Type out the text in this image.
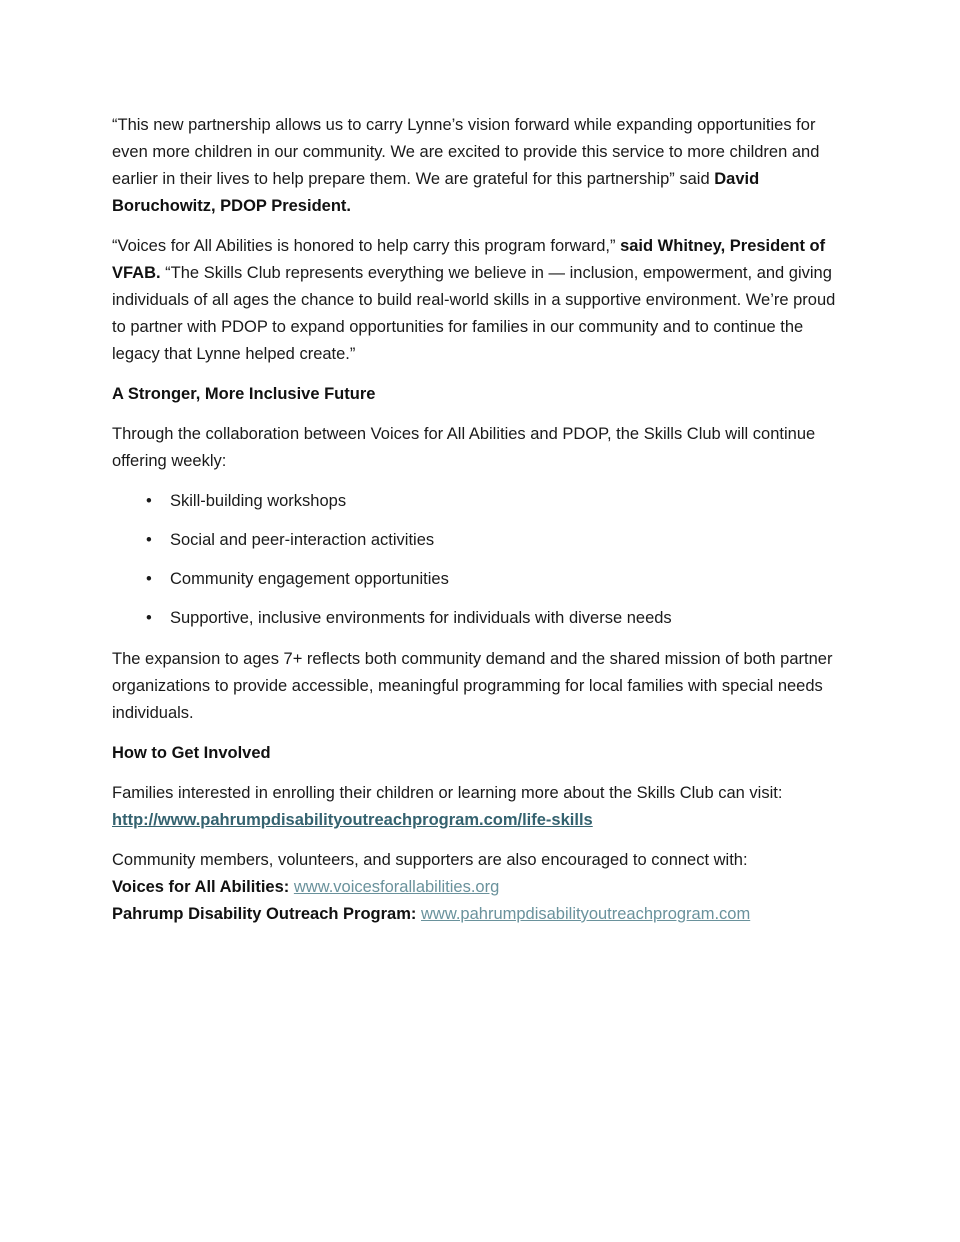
“This new partnership allows us to carry Lynne’s vision forward while expanding opportunities for even more children in our community. We are excited to provide this service to more children and earlier in their lives to help prepare them. We are grateful for this partnership” said David Boruchowitz, PDOP President.

“Voices for All Abilities is honored to help carry this program forward,” said Whitney, President of VFAB. “The Skills Club represents everything we believe in — inclusion, empowerment, and giving individuals of all ages the chance to build real-world skills in a supportive environment. We’re proud to partner with PDOP to expand opportunities for families in our community and to continue the legacy that Lynne helped create.”

A Stronger, More Inclusive Future

Through the collaboration between Voices for All Abilities and PDOP, the Skills Club will continue offering weekly:

• Skill-building workshops
• Social and peer-interaction activities
• Community engagement opportunities
• Supportive, inclusive environments for individuals with diverse needs

The expansion to ages 7+ reflects both community demand and the shared mission of both partner organizations to provide accessible, meaningful programming for local families with special needs individuals.

How to Get Involved

Families interested in enrolling their children or learning more about the Skills Club can visit:
http://www.pahrumpdisabilityoutreachprogram.com/life-skills

Community members, volunteers, and supporters are also encouraged to connect with:
Voices for All Abilities: www.voicesforallabilities.org
Pahrump Disability Outreach Program: www.pahrumpdisabilityoutreachprogram.com
